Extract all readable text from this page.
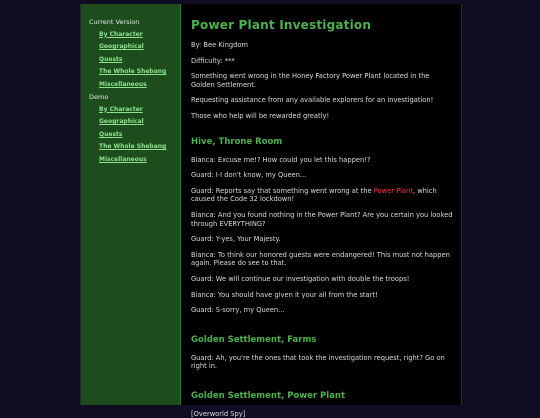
Current Version
By Character
Geographical
Quests
The Whole Shebang
Miscellaneous
Demo
By Character
Geographical
Quests
The Whole Shebang
Miscellaneous
Power Plant Investigation
By: Bee Kingdom
Difficulty: ***
Something went wrong in the Honey Factory Power Plant located in the Golden Settlement.
Requesting assistance from any available explorers for an investigation!
Those who help will be rewarded greatly!
Hive, Throne Room
Bianca: Excuse me!? How could you let this happen!?
Guard: I-I don't know, my Queen...
Guard: Reports say that something went wrong at the Power Plant, which caused the Code 32 lockdown!
Bianca: And you found nothing in the Power Plant? Are you certain you looked through EVERYTHING?
Guard: Y-yes, Your Majesty.
Bianca: To think our honored guests were endangered! This must not happen again. Please do see to that.
Guard: We will continue our investigation with double the troops!
Bianca: You should have given it your all from the start!
Guard: S-sorry, my Queen...
Golden Settlement, Farms
Guard: Ah, you're the ones that took the investigation request, right? Go on right in.
Golden Settlement, Power Plant
[Overworld Spy]
